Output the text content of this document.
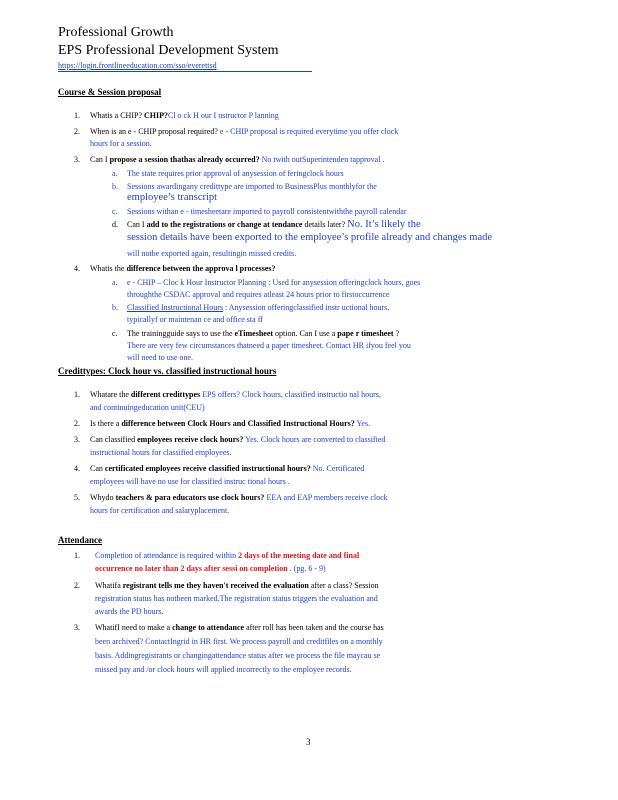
Professional Growth
EPS Professional Development System
https://login.frontlineeducation.com/sso/everettsd
Course & Session proposal
1. Whatis a CHIP? CHIP?Cl o ck H our I nstructor P lanning
2. When is an e - CHIP proposal required? e - CHIP proposal is required everytime you offer clock
hours for a session.
3. Can I propose a session thathas already occurred? No twith outSuperintenden tapproval .
a. The state requires prior approval of anysession of feringclock hours
b. Sessions awardingany credittype are imported to BusinessPlus monthlyfor the
employee’s transcript
c. Sessions withan e - timesheetare imported to payroll consistentwiththe payroll calendar
d. Can I add to the registrations or change at tendance details later? No. It’s likely the
session details have been exported to the employee’s profile already and changes made
will notbe exported again, resultingin missed credits.
4. Whatis the difference between the approva l processes?
a. e - CHIP – Cloc k Hour Instructor Planning : Used for anysession offeringclock hours, goes
throughthe CSDAC approval and requires atleast 24 hours prior to firstoccurrence
b. Classified Instructional Hours : Anysession offeringclassified instr uctional hours,
typicallyf or maintenan ce and office sta ff
c. The trainingguide says to use the eTimesheet option. Can I use a pape r timesheet ?
There are very few circumstances thatneed a paper timesheet. Contact HR ifyou feel you
will need to use one.
Credittypes: Clock hour vs. classified instructional hours
1. Whatare the different credittypes EPS offers? Clock hours, classified instructio nal hours,
and continuingeducation unit(CEU)
2. Is there a difference between Clock Hours and Classified Instructional Hours? Yes.
3. Can classified employees receive clock hours? Yes. Clock hours are converted to classified
instructional hours for classified employees.
4. Can certificated employees receive classified instructional hours? No. Certificated
employees will have no use for classified instruc tional hours .
5. Whydo teachers & para educators use clock hours? EEA and EAP members receive clock
hours for certification and salaryplacement.
Attendance
1. Completion of attendance is required within 2 days of the meeting date and final
occurrence no later than 2 days after sessi on completion . (pg. 6 - 9)
2. Whatifa registrant tells me they haven't received the evaluation after a class? Session
registration status has notbeen marked.The registration status triggers the evaluation and
awards the PD hours.
3. WhatifI need to make a change to attendance after roll has been taken and the course has
been archived? ContactIngrid in HR first. We process payroll and creditfiles on a monthly
basis. Addingregistrants or changingattendance status after we process the file maycau se
missed pay and /or clock hours will applied incorrectly to the employee records.
3
